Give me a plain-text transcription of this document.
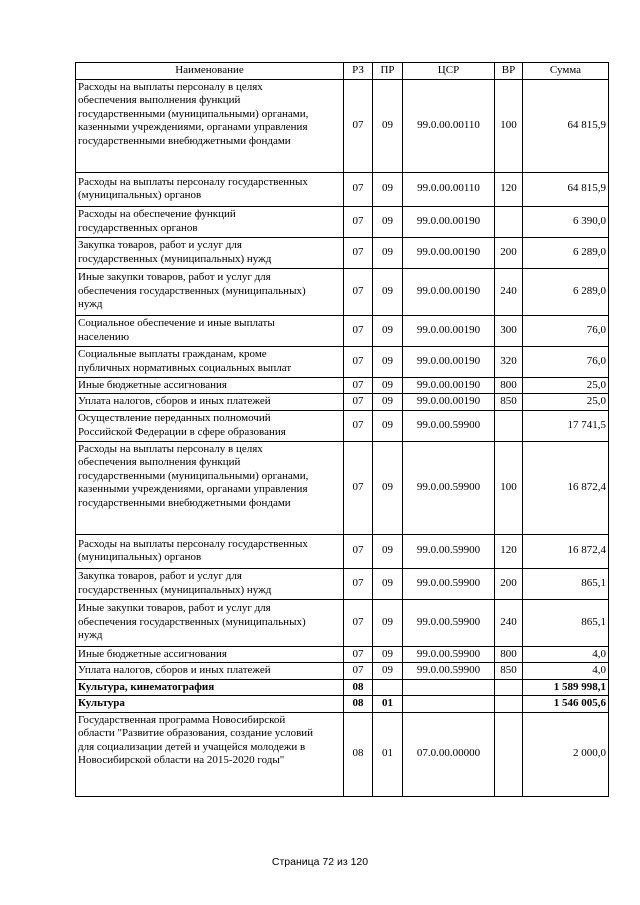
Наименование	РЗ	ПР	ЦСР	ВР	Сумма
Расходы на выплаты персоналу в целях
обеспечения выполнения функций
государственными (муниципальными) органами,
казенными учреждениями, органами управления
государственными внебюджетными фондами	07	09	99.0.00.00110	100	64 815,9
Расходы на выплаты персоналу государственных
(муниципальных) органов	07	09	99.0.00.00110	120	64 815,9
Расходы на обеспечение функций
государственных органов	07	09	99.0.00.00190		6 390,0
Закупка товаров, работ и услуг для
государственных (муниципальных) нужд	07	09	99.0.00.00190	200	6 289,0
Иные закупки товаров, работ и услуг для
обеспечения государственных (муниципальных)
нужд	07	09	99.0.00.00190	240	6 289,0
Социальное обеспечение и иные выплаты
населению	07	09	99.0.00.00190	300	76,0
Социальные выплаты гражданам, кроме
публичных нормативных социальных выплат	07	09	99.0.00.00190	320	76,0
Иные бюджетные ассигнования	07	09	99.0.00.00190	800	25,0
Уплата налогов, сборов и иных платежей	07	09	99.0.00.00190	850	25,0
Осуществление переданных полномочий
Российской Федерации в сфере образования	07	09	99.0.00.59900		17 741,5
Расходы на выплаты персоналу в целях
обеспечения выполнения функций
государственными (муниципальными) органами,
казенными учреждениями, органами управления
государственными внебюджетными фондами	07	09	99.0.00.59900	100	16 872,4
Расходы на выплаты персоналу государственных
(муниципальных) органов	07	09	99.0.00.59900	120	16 872,4
Закупка товаров, работ и услуг для
государственных (муниципальных) нужд	07	09	99.0.00.59900	200	865,1
Иные закупки товаров, работ и услуг для
обеспечения государственных (муниципальных)
нужд	07	09	99.0.00.59900	240	865,1
Иные бюджетные ассигнования	07	09	99.0.00.59900	800	4,0
Уплата налогов, сборов и иных платежей	07	09	99.0.00.59900	850	4,0
Культура, кинематография	08				1 589 998,1
Культура	08	01			1 546 005,6
Государственная программа Новосибирской
области "Развитие образования, создание условий
для социализации детей и учащейся молодежи в
Новосибирской области на 2015-2020 годы"	08	01	07.0.00.00000		2 000,0
Страница 72 из 120
